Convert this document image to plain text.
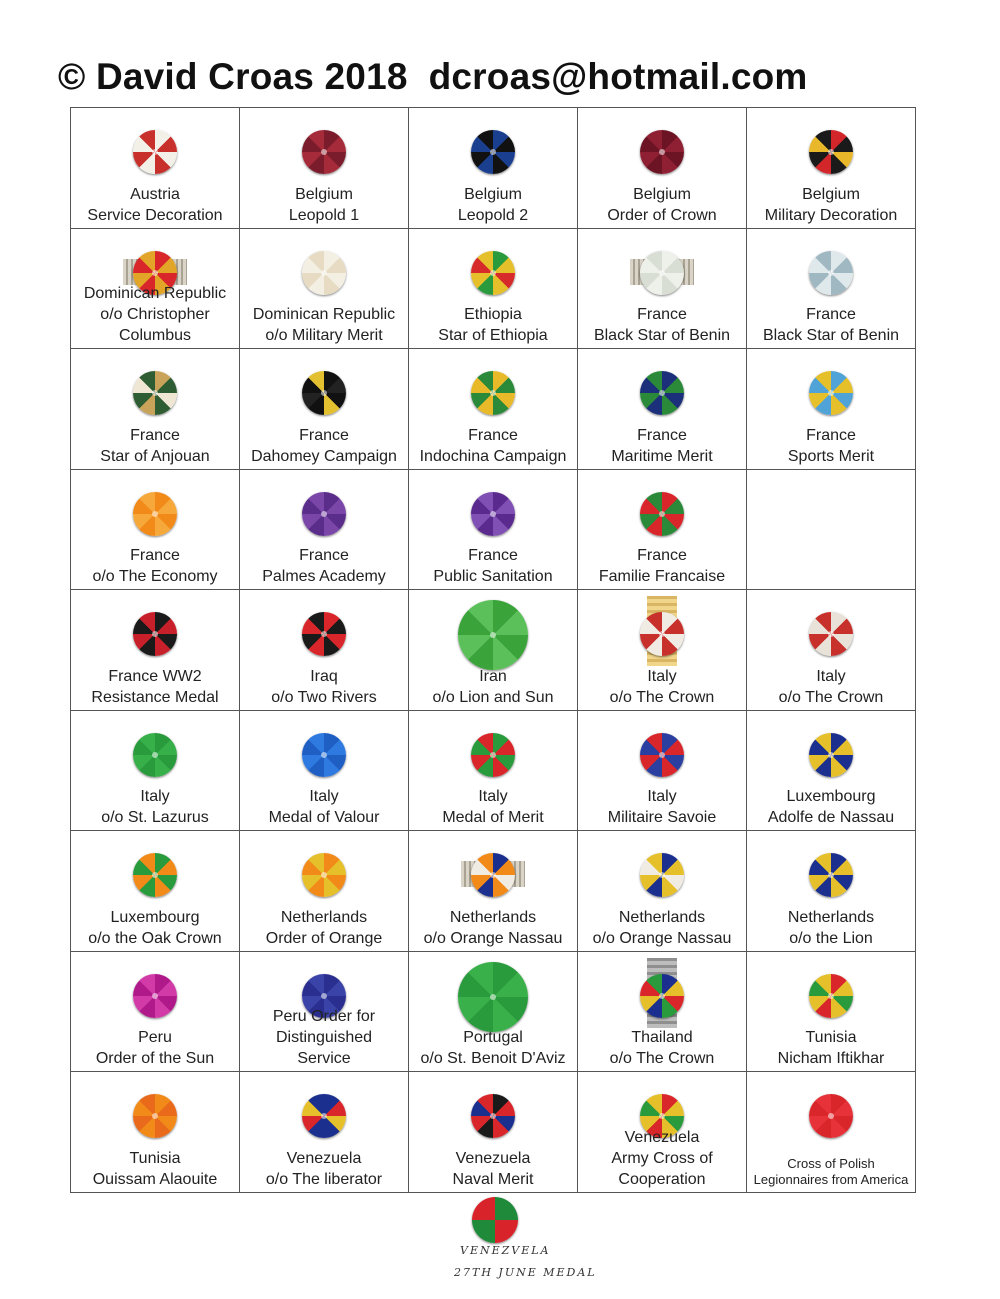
© David Croas 2018  dcroas@hotmail.com
Austria
Service Decoration
Belgium
Leopold 1
Belgium
Leopold 2
Belgium
Order of Crown
Belgium
Military Decoration
Dominican Republic
o/o Christopher
Columbus
Dominican Republic
o/o Military Merit
Ethiopia
Star of Ethiopia
France
Black Star of Benin
France
Black Star of Benin
France
Star of Anjouan
France
Dahomey Campaign
France
Indochina Campaign
France
Maritime Merit
France
Sports Merit
France
o/o The Economy
France
Palmes Academy
France
Public Sanitation
France
Familie Francaise
France WW2
Resistance Medal
Iraq
o/o Two Rivers
Iran
o/o Lion and Sun
Italy
o/o The Crown
Italy
o/o The Crown
Italy
o/o St. Lazurus
Italy
Medal of Valour
Italy
Medal of Merit
Italy
Militaire Savoie
Luxembourg
Adolfe de Nassau
Luxembourg
o/o the Oak Crown
Netherlands
Order of Orange
Netherlands
o/o Orange Nassau
Netherlands
o/o Orange Nassau
Netherlands
o/o the Lion
Peru
Order of the Sun
Peru Order for
Distinguished
Service
Portugal
o/o St. Benoit D'Aviz
Thailand
o/o The Crown
Tunisia
Nicham Iftikhar
Tunisia
Ouissam Alaouite
Venezuela
o/o The liberator
Venezuela
Naval Merit
Venezuela
Army Cross of
Cooperation
Cross of Polish
Legionnaires from America
VENEZVELA
27TH JUNE MEDAL
